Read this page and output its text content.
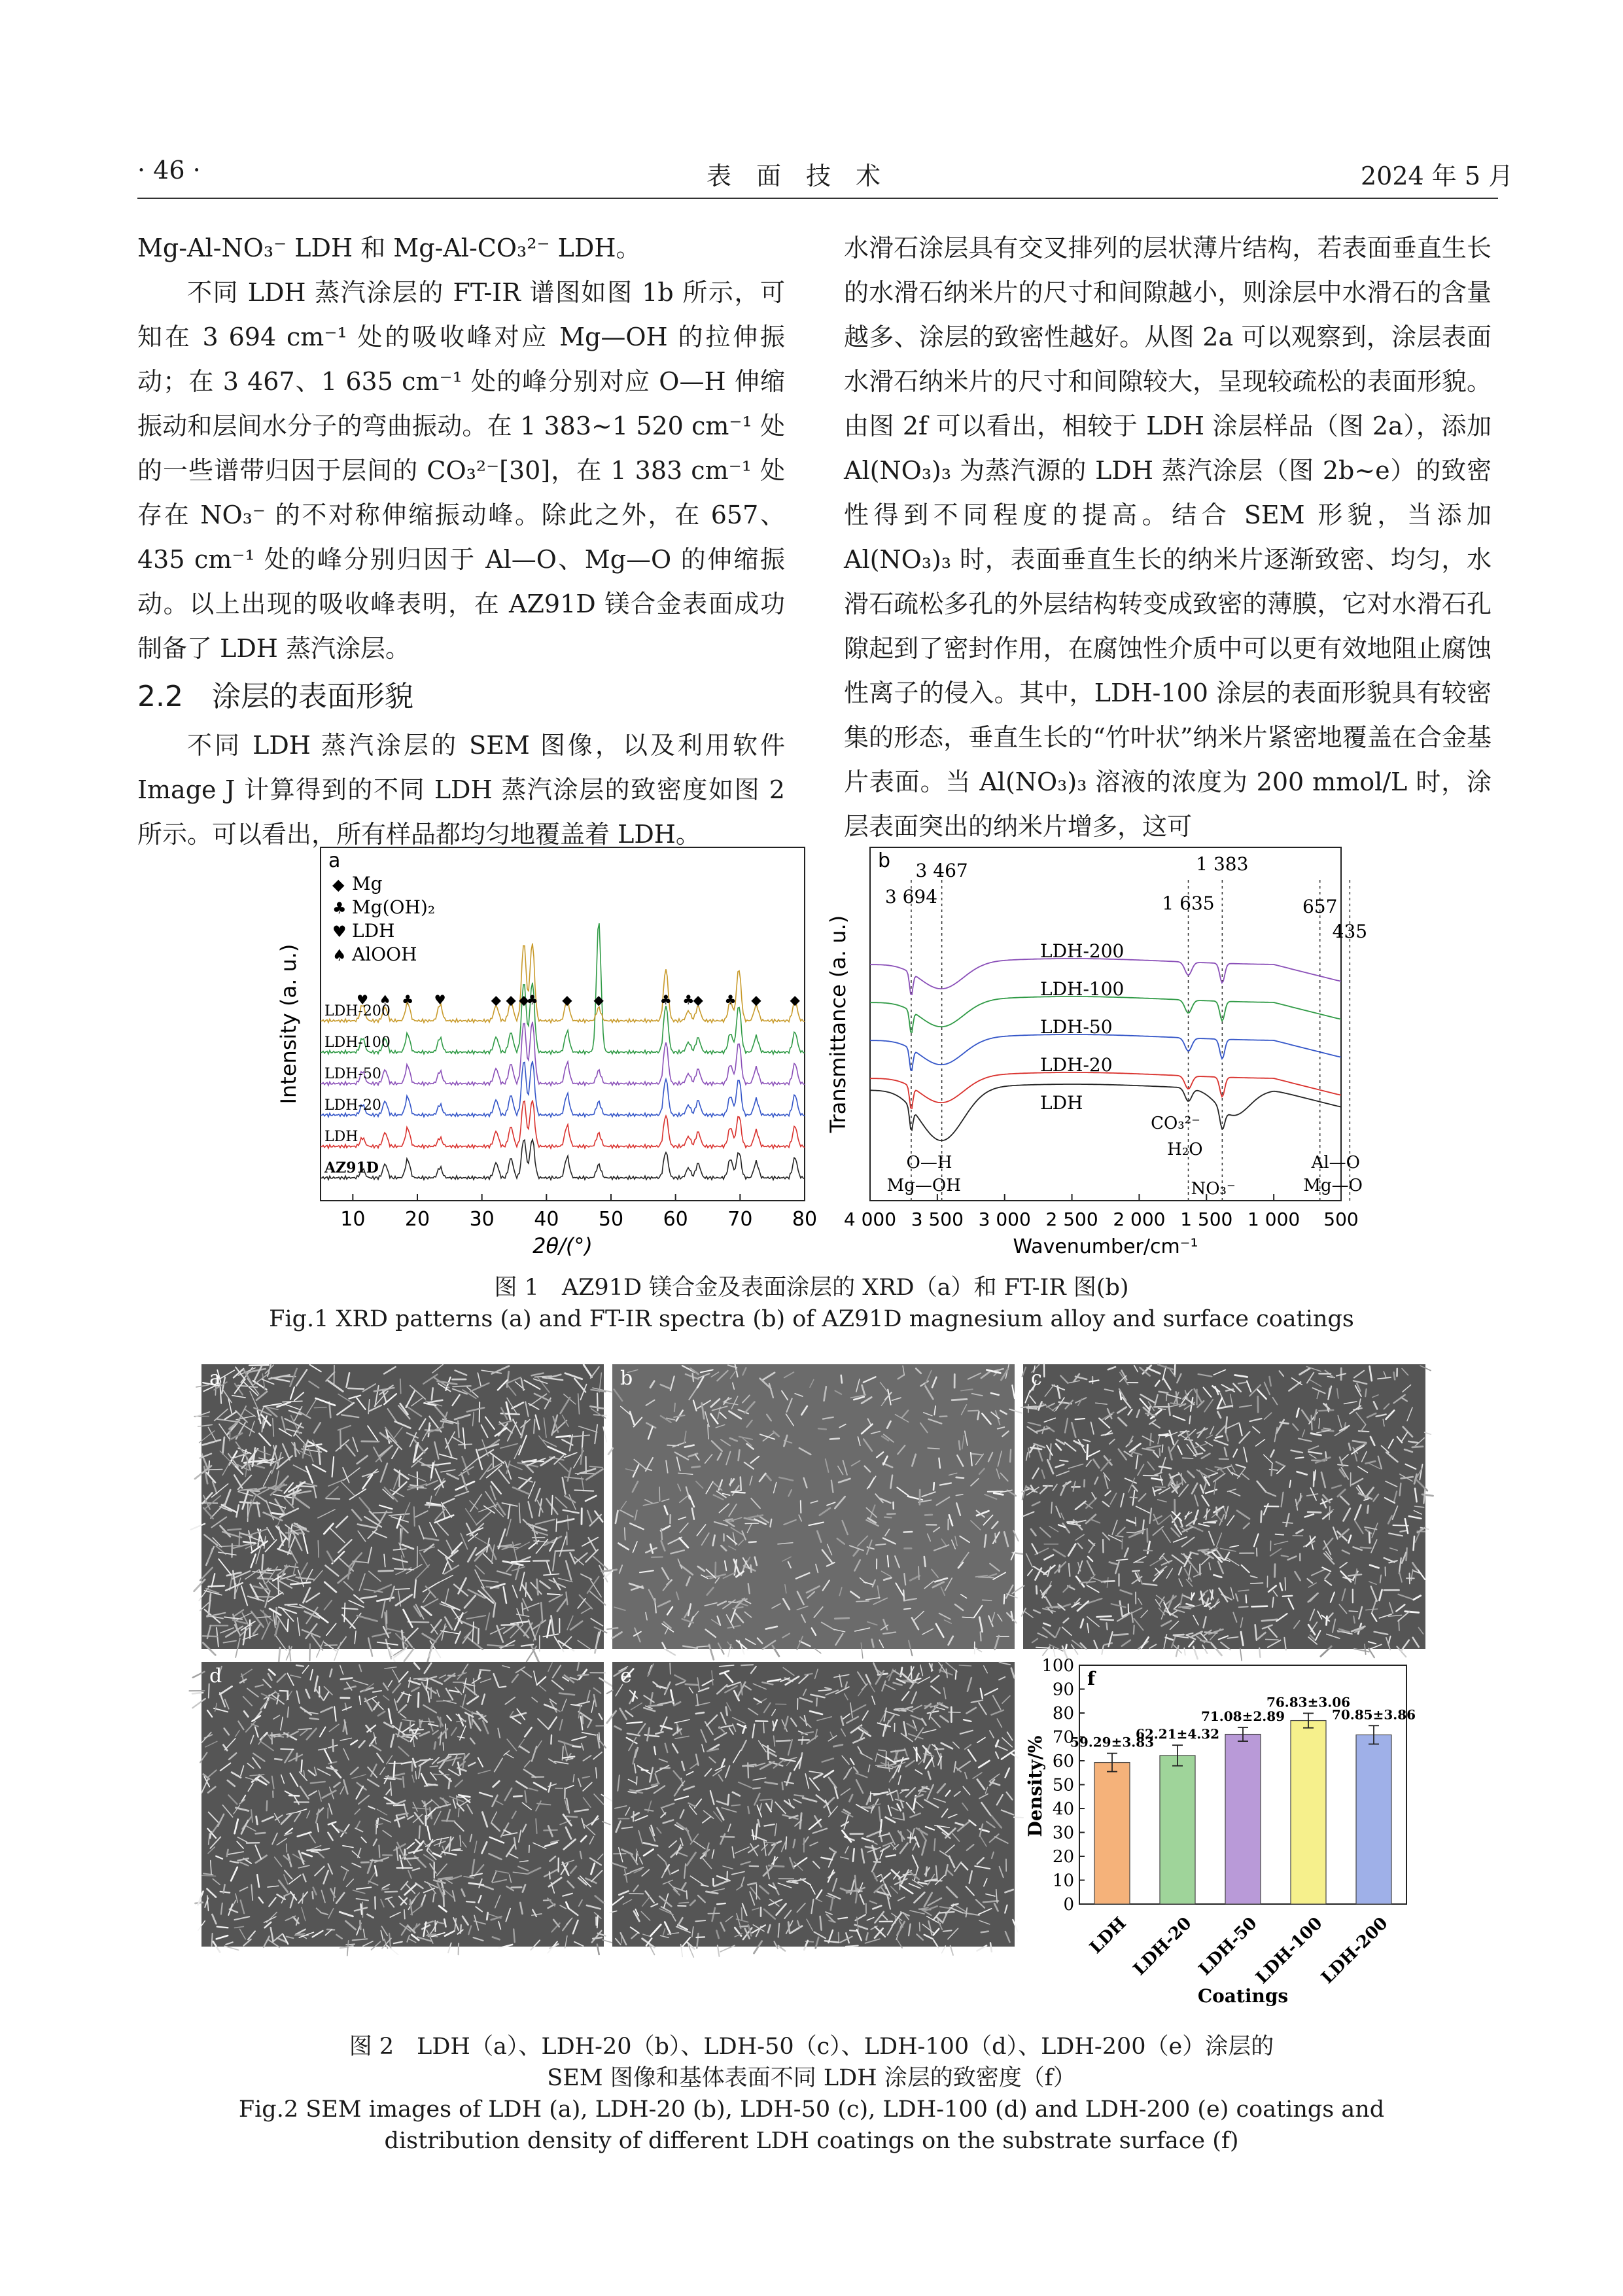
· 46 ·	表　面　技　术	2024 年 5 月

Mg-Al-NO₃⁻ LDH 和 Mg-Al-CO₃²⁻ LDH。

不同 LDH 蒸汽涂层的 FT-IR 谱图如图 1b 所示，可知在 3 694 cm⁻¹ 处的吸收峰对应 Mg—OH 的拉伸振动；在 3 467、1 635 cm⁻¹ 处的峰分别对应 O—H 伸缩振动和层间水分子的弯曲振动。在 1 383~1 520 cm⁻¹ 处的一些谱带归因于层间的 CO₃²⁻[30]，在 1 383 cm⁻¹ 处存在 NO₃⁻ 的不对称伸缩振动峰。除此之外，在 657、435 cm⁻¹ 处的峰分别归因于 Al—O、Mg—O 的伸缩振动。以上出现的吸收峰表明，在 AZ91D 镁合金表面成功制备了 LDH 蒸汽涂层。

2.2　涂层的表面形貌

不同 LDH 蒸汽涂层的 SEM 图像，以及利用软件 Image J 计算得到的不同 LDH 蒸汽涂层的致密度如图 2 所示。可以看出，所有样品都均匀地覆盖着 LDH。

水滑石涂层具有交叉排列的层状薄片结构，若表面垂直生长的水滑石纳米片的尺寸和间隙越小，则涂层中水滑石的含量越多、涂层的致密性越好。从图 2a 可以观察到，涂层表面水滑石纳米片的尺寸和间隙较大，呈现较疏松的表面形貌。由图 2f 可以看出，相较于 LDH 涂层样品（图 2a），添加 Al(NO₃)₃ 为蒸汽源的 LDH 蒸汽涂层（图 2b~e）的致密性得到不同程度的提高。结合 SEM 形貌，当添加 Al(NO₃)₃ 时，表面垂直生长的纳米片逐渐致密、均匀，水滑石疏松多孔的外层结构转变成致密的薄膜，它对水滑石孔隙起到了密封作用，在腐蚀性介质中可以更有效地阻止腐蚀性离子的侵入。其中，LDH-100 涂层的表面形貌具有较密集的形态，垂直生长的“竹叶状”纳米片紧密地覆盖在合金基片表面。当 Al(NO₃)₃ 溶液的浓度为 200 mmol/L 时，涂层表面突出的纳米片增多，这可

a
◆ Mg
♣ Mg(OH)₂
♥ LDH
♠ AlOOH
♥ ♠ ♣ ♥	◆ ◆ ◆
♣ ◆ ◆	♣ ♣
◆ ♣ ◆ ◆
AZ91D
LDH
LDH-20
LDH-50
LDH-100
LDH-200
10 20 30 40 50 60 70 80
2θ/(°)
Intensity (a. u.)
b
LDH
LDH-20
LDH-50
LDH-100
LDH-200
3 694
3 467
1 635
1 383
657
435
4 000 3 500 3 000 2 500 2 000 1 500 1 000 500
O—H
Mg—OH
CO₃²⁻
H₂O
NO₃⁻
Al—O
Mg—O
Wavenumber/cm⁻¹
Transmittance (a. u.)
图 1　AZ91D 镁合金及表面涂层的 XRD（a）和 FT-IR 图(b)
Fig.1 XRD patterns (a) and FT-IR spectra (b) of AZ91D magnesium alloy and surface coatings
a	b	c
d	e	f
0
10
20
30
40
50
60
70
80
90
100
59.29±3.83
62.21±4.32
71.08±2.89
76.83±3.06
70.85±3.86
LDH LDH-20 LDH-50
LDH-100
LDH-200
Coatings
Density/%
图 2　LDH（a）、LDH-20（b）、LDH-50（c）、LDH-100（d）、LDH-200（e）涂层的
SEM 图像和基体表面不同 LDH 涂层的致密度（f）
Fig.2 SEM images of LDH (a), LDH-20 (b), LDH-50 (c), LDH-100 (d) and LDH-200 (e) coatings and
distribution density of different LDH coatings on the substrate surface (f)
